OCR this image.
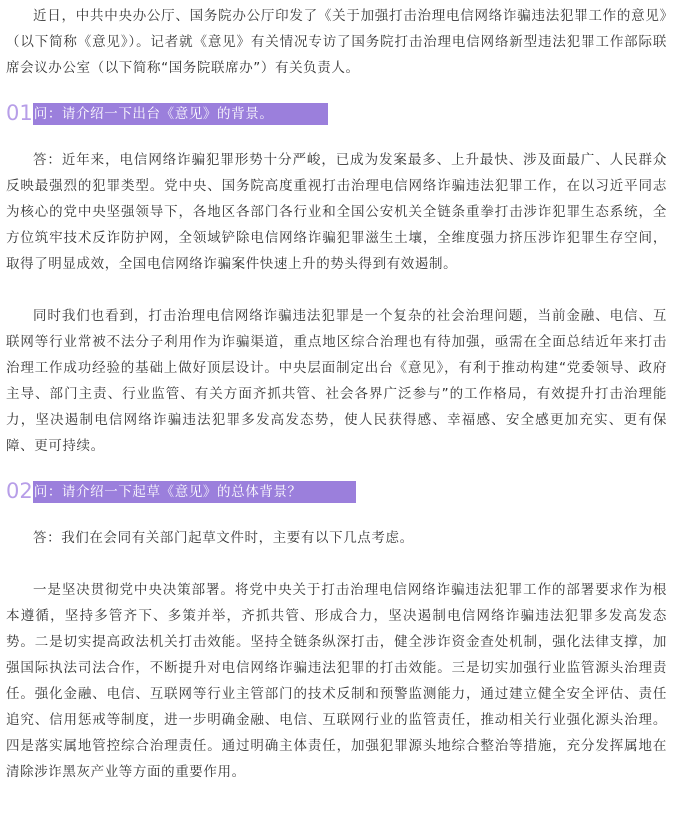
近日，中共中央办公厅、国务院办公厅印发了《关于加强打击治理电信网络诈骗违法犯罪工作的意见》（以下简称《意见》）。记者就《意见》有关情况专访了国务院打击治理电信网络新型违法犯罪工作部际联席会议办公室（以下简称“国务院联席办”）有关负责人。

01 问：请介绍一下出台《意见》的背景。

答：近年来，电信网络诈骗犯罪形势十分严峻，已成为发案最多、上升最快、涉及面最广、人民群众反映最强烈的犯罪类型。党中央、国务院高度重视打击治理电信网络诈骗违法犯罪工作，在以习近平同志为核心的党中央坚强领导下，各地区各部门各行业和全国公安机关全链条重拳打击涉诈犯罪生态系统，全方位筑牢技术反诈防护网，全领域铲除电信网络诈骗犯罪滋生土壤，全维度强力挤压涉诈犯罪生存空间，取得了明显成效，全国电信网络诈骗案件快速上升的势头得到有效遏制。

同时我们也看到，打击治理电信网络诈骗违法犯罪是一个复杂的社会治理问题，当前金融、电信、互联网等行业常被不法分子利用作为诈骗渠道，重点地区综合治理也有待加强，亟需在全面总结近年来打击治理工作成功经验的基础上做好顶层设计。中央层面制定出台《意见》，有利于推动构建“党委领导、政府主导、部门主责、行业监管、有关方面齐抓共管、社会各界广泛参与”的工作格局，有效提升打击治理能力，坚决遏制电信网络诈骗违法犯罪多发高发态势，使人民获得感、幸福感、安全感更加充实、更有保障、更可持续。

02 问：请介绍一下起草《意见》的总体背景？

答：我们在会同有关部门起草文件时，主要有以下几点考虑。

一是坚决贯彻党中央决策部署。将党中央关于打击治理电信网络诈骗违法犯罪工作的部署要求作为根本遵循，坚持多管齐下、多策并举，齐抓共管、形成合力，坚决遏制电信网络诈骗违法犯罪多发高发态势。二是切实提高政法机关打击效能。坚持全链条纵深打击，健全涉诈资金查处机制，强化法律支撑，加强国际执法司法合作，不断提升对电信网络诈骗违法犯罪的打击效能。三是切实加强行业监管源头治理责任。强化金融、电信、互联网等行业主管部门的技术反制和预警监测能力，通过建立健全安全评估、责任追究、信用惩戒等制度，进一步明确金融、电信、互联网行业的监管责任，推动相关行业强化源头治理。四是落实属地管控综合治理责任。通过明确主体责任，加强犯罪源头地综合整治等措施，充分发挥属地在清除涉诈黑灰产业等方面的重要作用。
